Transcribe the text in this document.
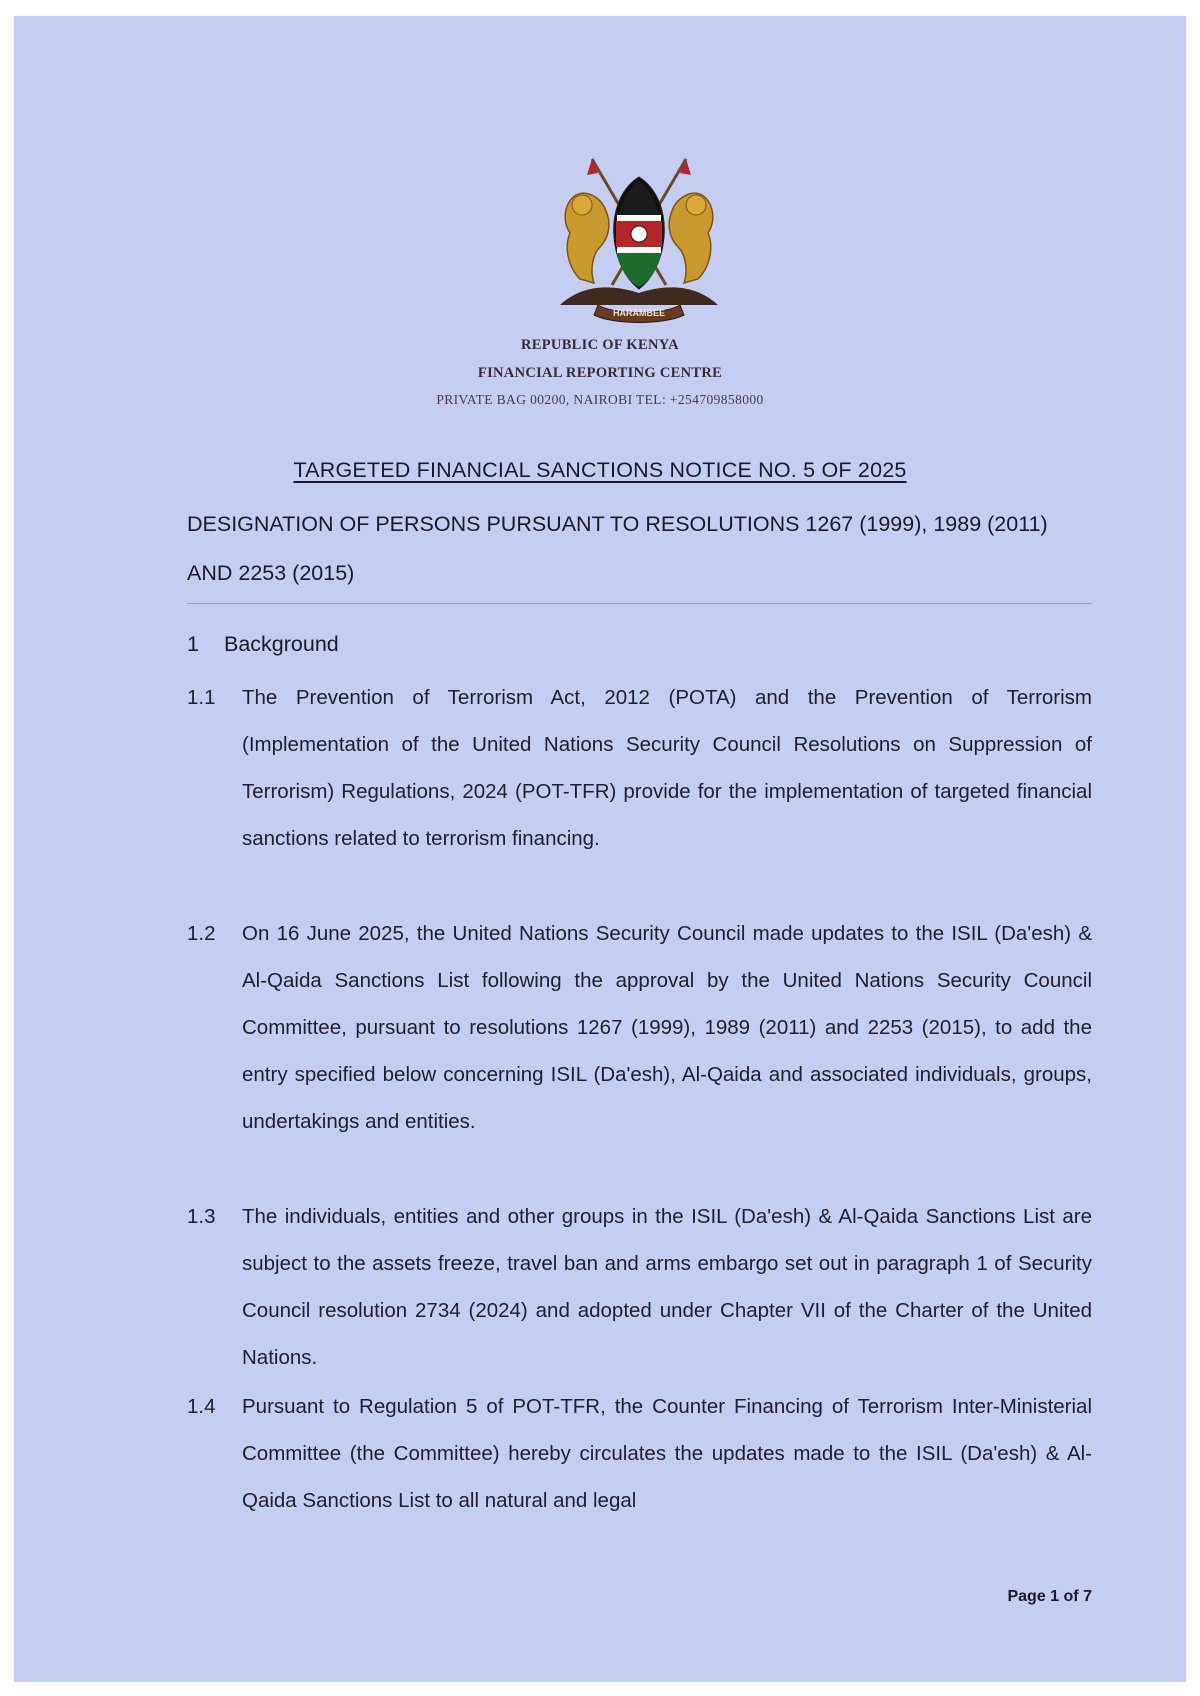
HARAMBEE
REPUBLIC OF KENYA
FINANCIAL REPORTING CENTRE
PRIVATE BAG 00200, NAIROBI TEL: +254709858000
TARGETED FINANCIAL SANCTIONS NOTICE NO. 5 OF 2025
DESIGNATION OF PERSONS PURSUANT TO RESOLUTIONS 1267 (1999), 1989 (2011) AND 2253 (2015)
1 Background
1.1 The Prevention of Terrorism Act, 2012 (POTA) and the Prevention of Terrorism (Implementation of the United Nations Security Council Resolutions on Suppression of Terrorism) Regulations, 2024 (POT-TFR) provide for the implementation of targeted financial sanctions related to terrorism financing.
1.2 On 16 June 2025, the United Nations Security Council made updates to the ISIL (Da'esh) & Al-Qaida Sanctions List following the approval by the United Nations Security Council Committee, pursuant to resolutions 1267 (1999), 1989 (2011) and 2253 (2015), to add the entry specified below concerning ISIL (Da'esh), Al-Qaida and associated individuals, groups, undertakings and entities.
1.3 The individuals, entities and other groups in the ISIL (Da'esh) & Al-Qaida Sanctions List are subject to the assets freeze, travel ban and arms embargo set out in paragraph 1 of Security Council resolution 2734 (2024) and adopted under Chapter VII of the Charter of the United Nations.
1.4 Pursuant to Regulation 5 of POT-TFR, the Counter Financing of Terrorism Inter-Ministerial Committee (the Committee) hereby circulates the updates made to the ISIL (Da'esh) & Al-Qaida Sanctions List to all natural and legal
Page 1 of 7
